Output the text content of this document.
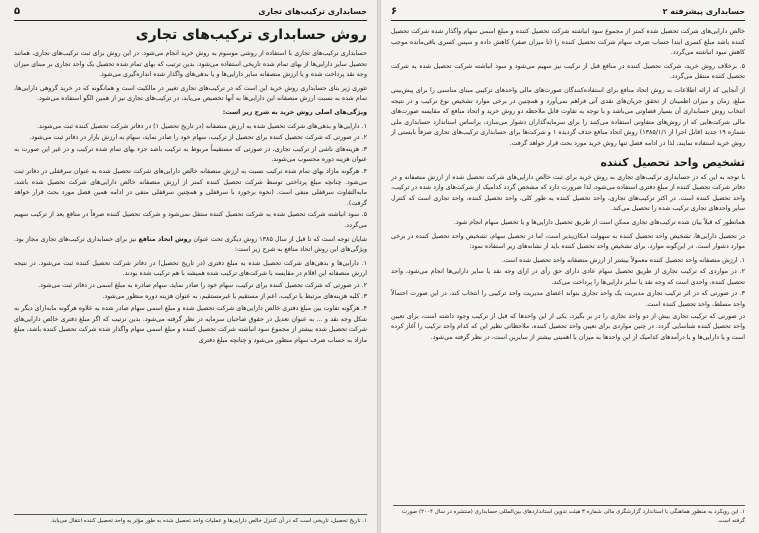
حسابداری ترکیب‌های تجاری
۵
روش حسابداری ترکیب‌های تجاری

حسابداری ترکیب‌های تجاری با استفاده از روشی موسوم به روش خرید انجام می‌شود. در این روش برای ثبت ترکیب‌های تجاری، همانند تحصیل سایر دارایی‌ها از بهای تمام شده تاریخی استفاده می‌شود. بدین ترتیب که بهای تمام شده تحصیل یک واحد تجاری بر مبنای میزان وجه نقد پرداخت شده و یا ارزش منصفانه سایر دارایی‌ها و یا بدهی‌های واگذار شده اندازه‌گیری می‌شود.

تئوری زیر بنای حسابداری روش خرید این است که در ترکیب‌های تجاری تغییر در مالکیت است و همانگونه که در خرید گروهی دارایی‌ها، تمام شده به نسبت ارزش منصفانه این دارایی‌ها به آنها تخصیص می‌یابد، در ترکیب‌های تجاری نیز از همین الگو استفاده می‌شود.

ویژگی‌های اصلی روش خرید به شرح زیر است:

۱. دارایی‌ها و بدهی‌های شرکت تحصیل شده به ارزش منصفانه (در تاریخ تحصیل ۱) در دفاتر شرکت تحصیل کننده ثبت می‌شوند.
۲. در صورتی که شرکت تحصیل کننده برای تحصیل از ترکیب، سهام خود را صادر نماید، سهام به ارزش بازار در دفاتر ثبت می‌شود.
۳. هزینه‌های ناشی از ترکیب تجاری، در صورتی که مستقیماً مربوط به ترکیب باشد جزء بهای تمام شده ترکیب و در غیر این صورت به عنوان هزینه دوره محسوب می‌شوند.
۴. هرگونه مازاد بهای تمام شده ترکیب نسبت به ارزش منصفانه خالص دارایی‌های شرکت تحصیل شده به عنوان سرقفلی در دفاتر ثبت می‌شود. چنانچه مبلغ پرداختی توسط شرکت تحصیل کننده کمتر از ارزش منصفانه خالص دارایی‌های شرکت تحصیل شده باشد، مابه‌التفاوت سرقفلی منفی است. (نحوه برخورد با سرقفلی و همچنین سرقفلی منفی در ادامه همین فصل مورد بحث قرار خواهد گرفت).
۵. سود انباشته شرکت تحصیل شده به شرکت تحصیل کننده منتقل نمی‌شود و شرکت تحصیل کننده صرفاً در منافع بعد از ترکیب سهیم می‌گردد.

شایان توجه است که تا قبل از سال ۱۳۸۵ روش دیگری تحت عنوان روش اتحاد منافع نیز برای حسابداری ترکیب‌های تجاری مجاز بود. ویژگی‌های این روش اتحاد منافع به شرح زیر است:

۱. دارایی‌ها و بدهی‌های شرکت تحصیل شده به مبلغ دفتری (در تاریخ تحصیل) در دفاتر شرکت تحصیل کننده ثبت می‌شود. در نتیجه ارزش منصفانه این اقلام در مقایسه با شرکت‌های ترکیب شده همیشه با هم ترکیب شده بودند.
۲. در صورتی که شرکت تحصیل کننده برای ترکیب، سهام خود را صادر نماید، سهام صادره به مبلغ اسمی در دفاتر ثبت می‌شود.
۳. کلیه هزینه‌های مرتبط با ترکیب، اعم از مستقیم یا غیرمستقیم، به عنوان هزینه دوره منظور می‌شود.
۴. هرگونه تفاوت بین مبلغ دفتری خالص دارایی‌های شرکت تحصیل شده و مبلغ اسمی سهام صادر شده به علاوه هرگونه مابه‌ازای دیگر به شکل وجه نقد و ... به عنوان تعدیل در حقوق صاحبان سرمایه در نظر گرفته می‌شود. بدین ترتیب که اگر مبلغ دفتری خالص دارایی‌های شرکت تحصیل شده بیشتر از مجموع سود انباشته شرکت تحصیل کننده و مبلغ اسمی سهام واگذار شده شرکت تحصیل کننده باشد، مبلغ مازاد به حساب صرف سهام منظور می‌شود و چنانچه مبلغ دفتری
۱. تاریخ تحصیل، تاریخی است که در آن کنترل خالص دارایی‌ها و عملیات واحد تحصیل شده به طور مؤثر به واحد تحصیل کننده انتقال می‌یابد.
حسابداری پیشرفته ۲
۶

خالص دارایی‌های شرکت تحصیل شده کمتر از مجموع سود انباشته شرکت تحصیل کننده و مبلغ اسمی سهام واگذار شده شرکت تحصیل کننده باشد مبلغ کسری ابتدا حساب صرف سهام شرکت تحصیل کننده را (تا میزان صفر) کاهش داده و سپس کسری باقی‌مانده موجب کاهش سود انباشته می‌گردد.

۵. برخلاف روش خرید، شرکت تحصیل کننده در منافع قبل از ترکیب نیز سهیم می‌شود و سود انباشته شرکت تحصیل شده به شرکت تحصیل کننده منتقل می‌گردد.

از آنجایی که ارائه اطلاعات به روش اتحاد منافع برای استفاده‌کنندگان صورت‌های مالی واحدهای ترکیبی مبنای مناسبی را برای پیش‌بینی مبلغ، زمان و میزان اطمینان از تحقق جریان‌های نقدی آتی فراهم نمی‌آورد و همچنین در برخی موارد تشخیص نوع ترکیب و در نتیجه انتخاب روش حسابداری آن بسیار قضاوتی می‌باشد و با توجه به تفاوت قابل ملاحظه دو روش خرید و اتحاد منافع که مقایسه صورت‌های مالی شرکت‌هایی که از روش‌های متفاوتی استفاده می‌کنند را برای سرمایه‌گذاران دشوار می‌سازد، براساس استاندارد حسابداری ملی شماره ۱۹ جدید (قابل اجرا از ۱۳۸۵/۱/۱) روش اتحاد منافع حذف گردیده ۱ و شرکت‌ها برای حسابداری ترکیب‌های تجاری صرفاً بایستی از روش خرید استفاده نمایند، لذا در ادامه فصل تنها روش خرید مورد بحث قرار خواهد گرفت.

تشخیص واحد تحصیل کننده

با توجه به این که در حسابداری ترکیب‌های تجاری به روش خرید برای ثبت خالص دارایی‌های شرکت تحصیل شده از ارزش منصفانه و در دفاتر شرکت تحصیل کننده از مبلغ دفتری استفاده می‌شود، لذا ضرورت دارد که مشخص گردد کدامیک از شرکت‌های وارد شده در ترکیب، واحد تحصیل کننده است. در اکثر ترکیب‌های تجاری، واحد تحصیل کننده به طور کلی، واحد تحصیل کننده، واحد تجاری است که کنترل سایر واحدهای تجاری ترکیب شده را تحصیل می‌کند.

همانطور که قبلاً بیان شده ترکیب‌های تجاری ممکن است از طریق تحصیل دارایی‌ها و یا تحصیل سهام انجام شود.

در تحصیل دارایی‌ها، تشخیص واحد تحصیل کننده به سهولت امکان‌پذیر است، اما در تحصیل سهام، تشخیص واحد تحصیل کننده در برخی موارد دشوار است. در این‌گونه موارد، برای تشخیص واحد تحصیل کننده باید از نشانه‌های زیر استفاده نمود:

۱. ارزش منصفانه واحد تحصیل کننده معمولاً بیشتر از ارزش منصفانه واحد تحصیل شده است.
۲. در مواردی که ترکیب تجاری از طریق تحصیل سهام عادی دارای حق رأی در ازای وجه نقد یا سایر دارایی‌ها انجام می‌شود، واحد تحصیل کننده، واحدی است که وجه نقد یا سایر دارایی‌ها را پرداخت می‌کند.
۳. در صورتی که در اثر ترکیب تجاری مدیریت یک واحد تجاری بتواند اعضای مدیریت واحد ترکیبی را انتخاب کند، در این صورت احتمالاً واحد مسلط، واحد تحصیل کننده است.
در صورتی که ترکیب تجاری بیش از دو واحد تجاری را در بر بگیرد، یکی از این واحدها که قبل از ترکیب وجود داشته است، برای تعیین واحد تحصیل کننده شناسایی گردد. در چنین مواردی برای تعیین واحد تحصیل کننده، ملاحظاتی نظیر این که کدام واحد ترکیب را آغاز کرده است و یا دارایی‌ها و یا درآمدهای کدامیک از این واحدها به میزان با اهمیتی بیشتر از سایرین است، در نظر گرفته می‌شود.
۱. این رویکرد به منظور هماهنگی با استاندارد گزارشگری مالی شماره ۳ هیئت تدوین استانداردهای بین‌المللی حسابداری (منتشره در سال ۲۰۰۴) صورت گرفته است.
